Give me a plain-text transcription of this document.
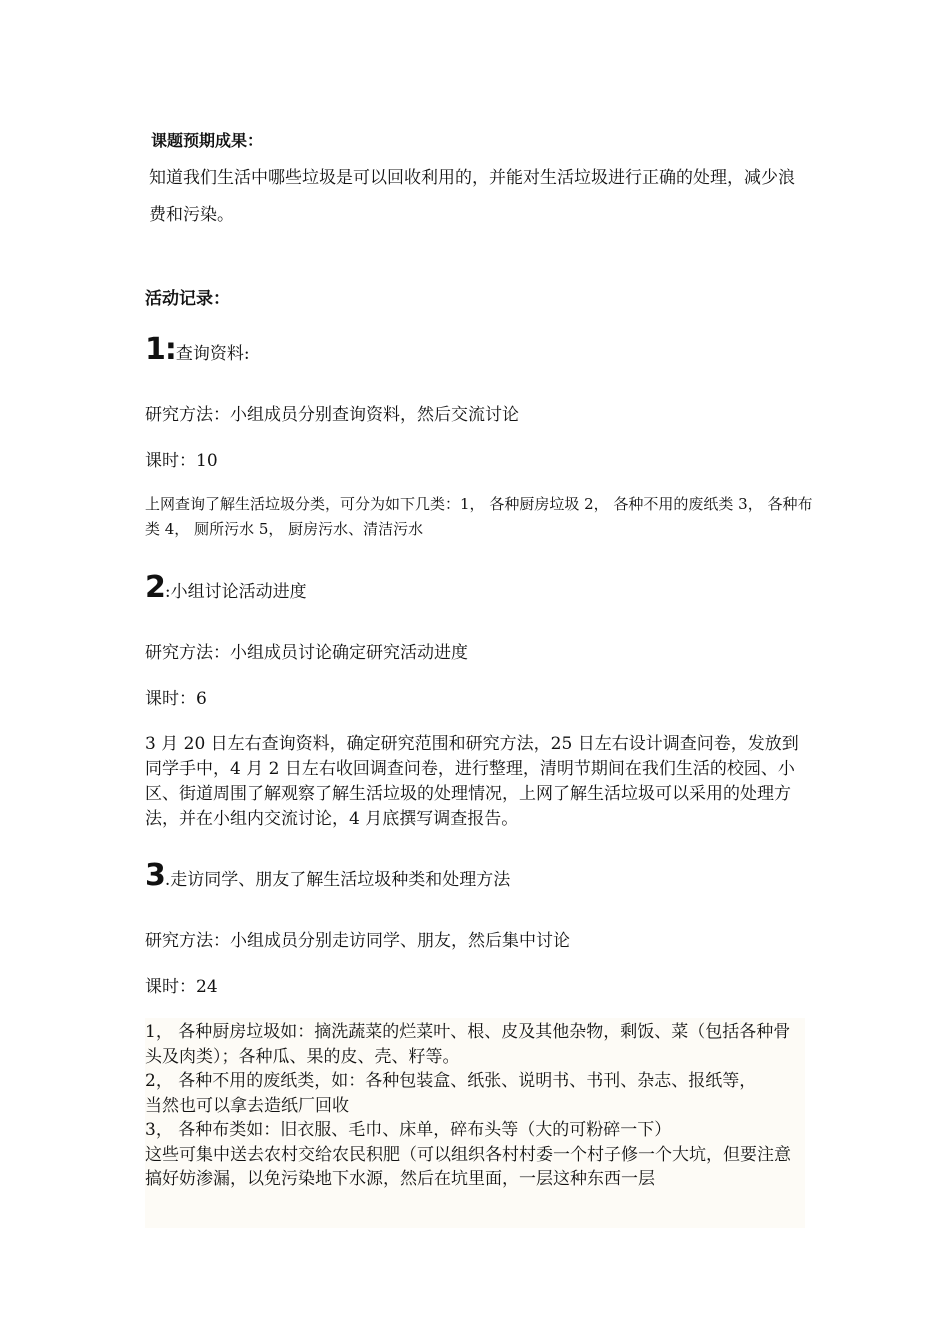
课题预期成果：
知道我们生活中哪些垃圾是可以回收利用的，并能对生活垃圾进行正确的处理，减少浪费和污染。
活动记录：
1:查询资料:
研究方法：小组成员分别查询资料，然后交流讨论
课时：10
上网查询了解生活垃圾分类，可分为如下几类：1， 各种厨房垃圾 2， 各种不用的废纸类 3， 各种布类 4， 厕所污水 5， 厨房污水、清洁污水
2:小组讨论活动进度
研究方法：小组成员讨论确定研究活动进度
课时：6
3 月 20 日左右查询资料，确定研究范围和研究方法，25 日左右设计调查问卷，发放到同学手中，4 月 2 日左右收回调查问卷，进行整理，清明节期间在我们生活的校园、小区、街道周围了解观察了解生活垃圾的处理情况，上网了解生活垃圾可以采用的处理方法，并在小组内交流讨论，4 月底撰写调查报告。
3.走访同学、朋友了解生活垃圾种类和处理方法
研究方法：小组成员分别走访同学、朋友，然后集中讨论
课时：24
1， 各种厨房垃圾如：摘洗蔬菜的烂菜叶、根、皮及其他杂物，剩饭、菜（包括各种骨头及肉类）；各种瓜、果的皮、壳、籽等。
2， 各种不用的废纸类，如：各种包装盒、纸张、说明书、书刊、杂志、报纸等，
当然也可以拿去造纸厂回收
3， 各种布类如：旧衣服、毛巾、床单，碎布头等（大的可粉碎一下）
这些可集中送去农村交给农民积肥（可以组织各村村委一个村子修一个大坑，但要注意搞好妨渗漏，以免污染地下水源，然后在坑里面，一层这种东西一层
